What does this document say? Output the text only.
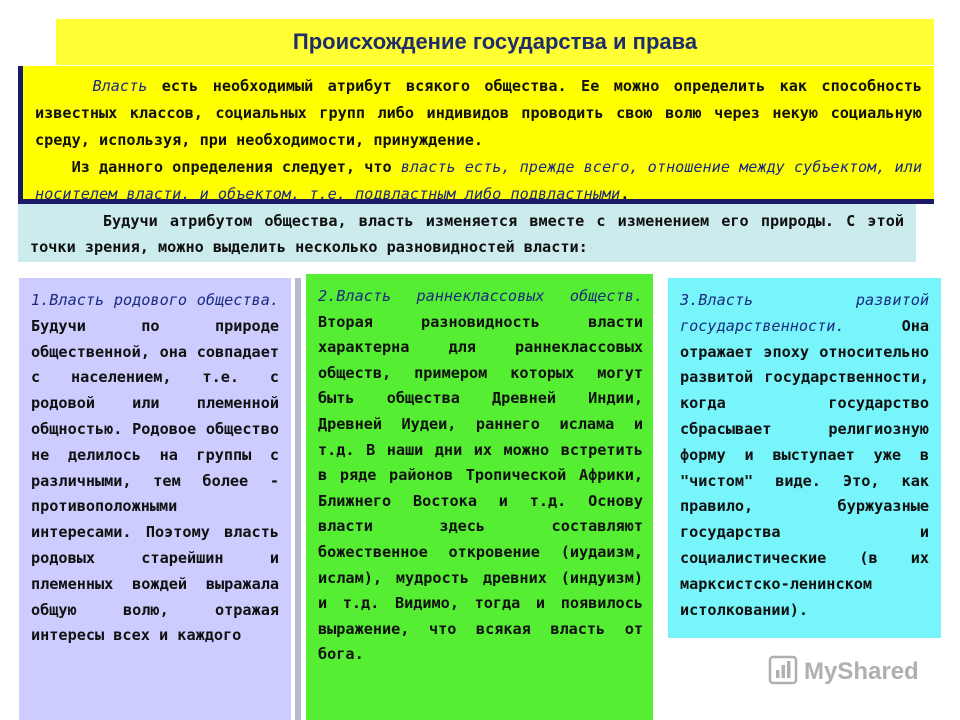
Происхождение государства и права

Власть есть необходимый атрибут всякого общества. Ее можно определить как способность известных классов, социальных групп либо индивидов проводить свою волю через некую социальную среду, используя, при необходимости, принуждение.

Из данного определения следует, что власть есть, прежде всего, отношение между субъектом, или носителем власти, и объектом, т.е. подвластным либо подвластными.

Будучи атрибутом общества, власть изменяется вместе с изменением его природы. С этой точки зрения, можно выделить несколько разновидностей власти:
1.Власть родового общества. Будучи по природе общественной, она совпадает с населением, т.е. с родовой или племенной общностью. Родовое общество не делилось на группы с различными, тем более - противоположными интересами. Поэтому власть родовых старейшин и племенных вождей выражала общую волю, отражая интересы всех и каждого
2.Власть раннеклассовых обществ. Вторая разновидность власти характерна для раннеклассовых обществ, примером которых могут быть общества Древней Индии, Древней Иудеи, раннего ислама и т.д. В наши дни их можно встретить в ряде районов Тропической Африки, Ближнего Востока и т.д. Основу власти здесь составляют божественное откровение (иудаизм, ислам), мудрость древних (индуизм) и т.д. Видимо, тогда и появилось выражение, что всякая власть от бога.
3.Власть развитой государственности. Она отражает эпоху относительно развитой государственности, когда государство сбрасывает религиозную форму и выступает уже в "чистом" виде. Это, как правило, буржуазные государства и социалистические (в их марксистско-ленинском истолковании).
MyShared
